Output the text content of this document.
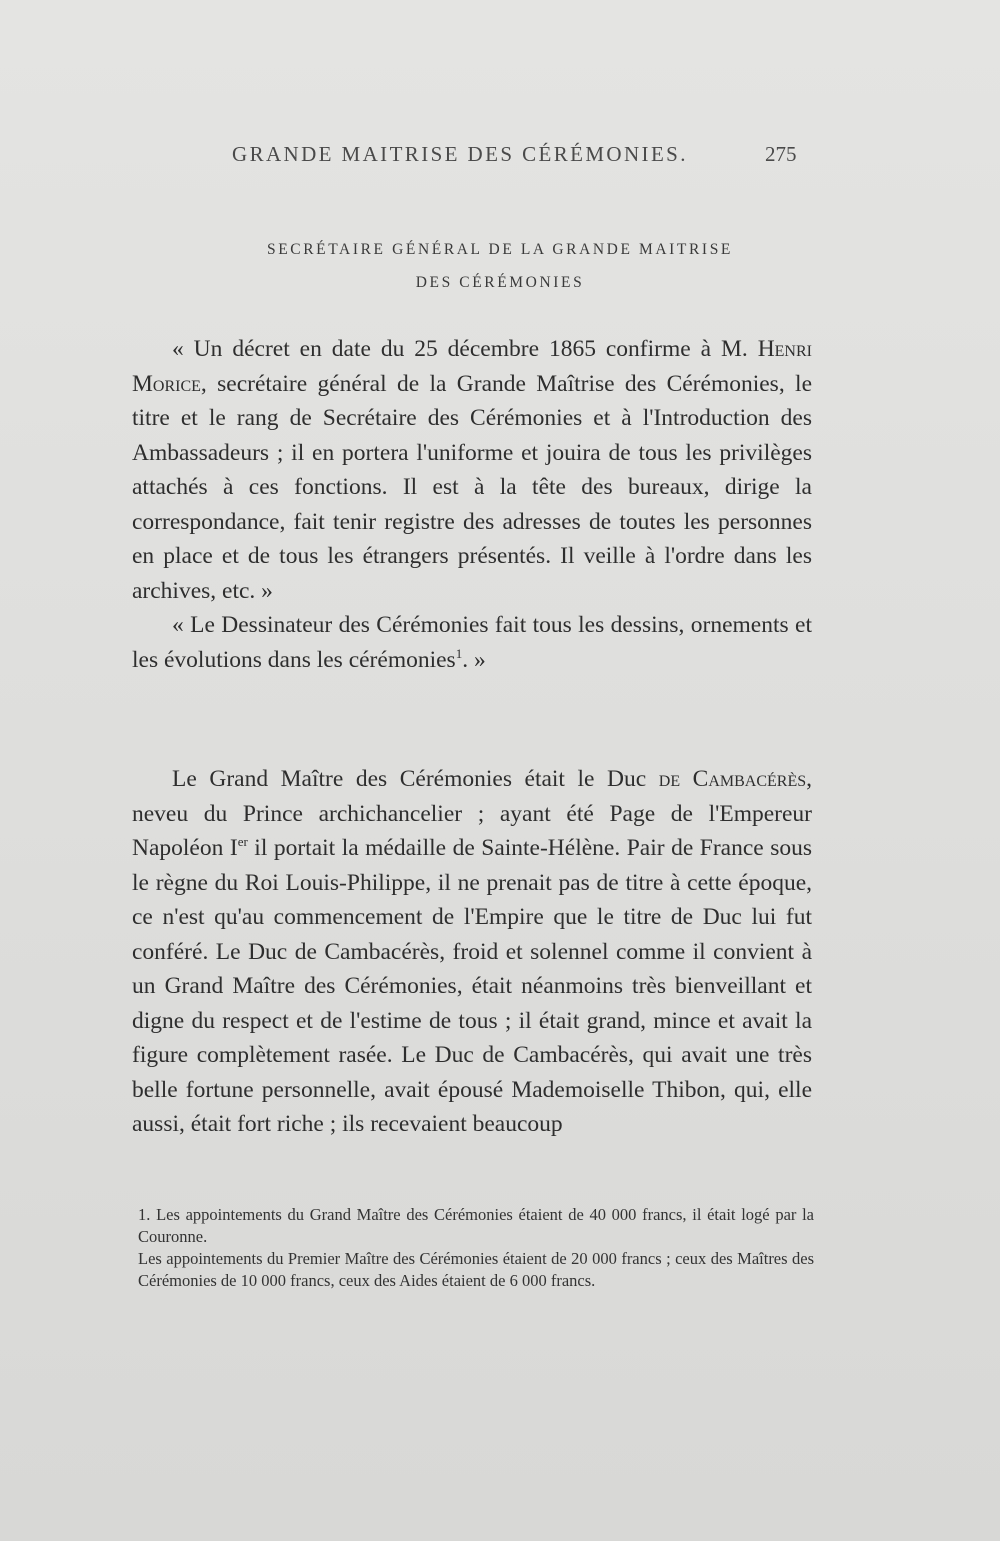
GRANDE MAITRISE DES CÉRÉMONIES.	275
SECRÉTAIRE GÉNÉRAL DE LA GRANDE MAITRISE
DES CÉRÉMONIES

« Un décret en date du 25 décembre 1865 confirme à M. Henri Morice, secrétaire général de la Grande Maîtrise des Cérémonies, le titre et le rang de Secrétaire des Cérémonies et à l'Introduction des Ambassadeurs ; il en portera l'uniforme et jouira de tous les privilèges attachés à ces fonctions. Il est à la tête des bureaux, dirige la correspondance, fait tenir registre des adresses de toutes les personnes en place et de tous les étrangers présentés. Il veille à l'ordre dans les archives, etc. »

« Le Dessinateur des Cérémonies fait tous les dessins, ornements et les évolutions dans les cérémonies$^1$. »

Le Grand Maître des Cérémonies était le Duc de Cambacérès, neveu du Prince archichancelier ; ayant été Page de l'Empereur Napoléon Ier il portait la médaille de Sainte-Hélène. Pair de France sous le règne du Roi Louis-Philippe, il ne prenait pas de titre à cette époque, ce n'est qu'au commencement de l'Empire que le titre de Duc lui fut conféré. Le Duc de Cambacérès, froid et solennel comme il convient à un Grand Maître des Cérémonies, était néanmoins très bienveillant et digne du respect et de l'estime de tous ; il était grand, mince et avait la figure complètement rasée. Le Duc de Cambacérès, qui avait une très belle fortune personnelle, avait épousé Mademoiselle Thibon, qui, elle aussi, était fort riche ; ils recevaient beaucoup

1. Les appointements du Grand Maître des Cérémonies étaient de 40 000 francs, il était logé par la Couronne.

Les appointements du Premier Maître des Cérémonies étaient de 20 000 francs ; ceux des Maîtres des Cérémonies de 10 000 francs, ceux des Aides étaient de 6 000 francs.
